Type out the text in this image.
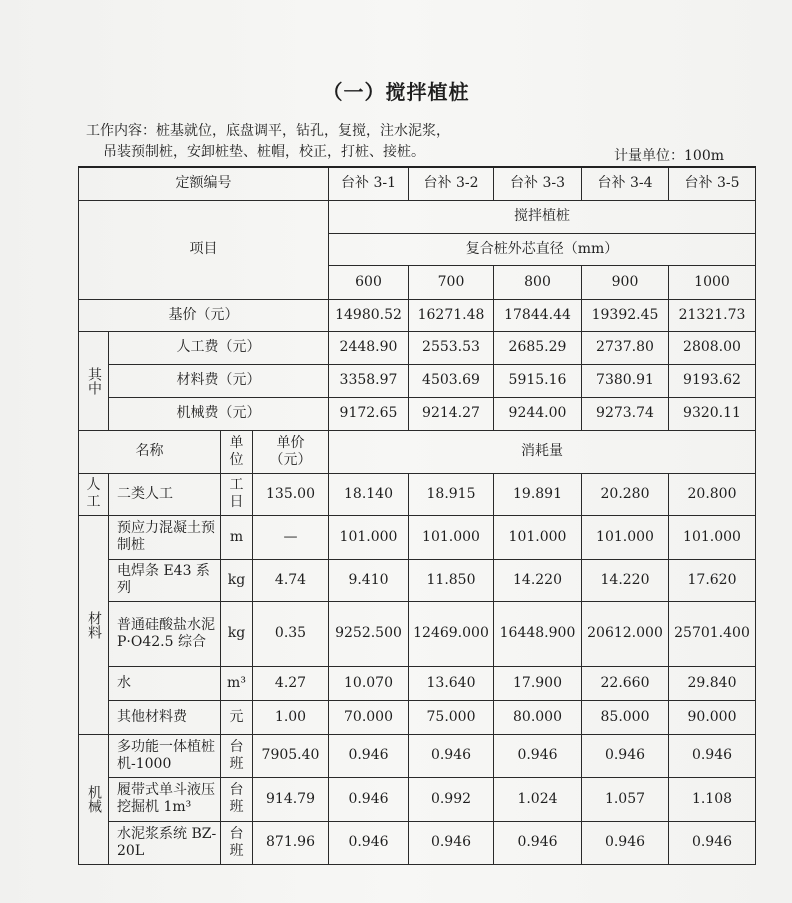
（一）搅拌植桩
工作内容：桩基就位，底盘调平，钻孔，复搅，注水泥浆，
吊装预制桩，安卸桩垫、桩帽，校正，打桩、接桩。	计量单位：100m
定额编号				台补 3-1	台补 3-2	台补 3-3	台补 3-4	台补 3-5
项目				搅拌植桩				
				复合桩外芯直径（mm）				
				600	700	800	900	1000
基价（元）				14980.52	16271.48	17844.44	19392.45	21321.73
其中	人工费（元）			2448.90	2553.53	2685.29	2737.80	2808.00
	材料费（元）			3358.97	4503.69	5915.16	7380.91	9193.62
	机械费（元）			9172.65	9214.27	9244.00	9273.74	9320.11
名称		单位	单价（元）	消耗量				
人工	二类人工	工日	135.00	18.140	18.915	19.891	20.280	20.800
材料	预应力混凝土预制桩	m	—	101.000	101.000	101.000	101.000	101.000
	电焊条 E43 系列	kg	4.74	9.410	11.850	14.220	14.220	17.620
	普通硅酸盐水泥 P·O42.5 综合	kg	0.35	9252.500	12469.000	16448.900	20612.000	25701.400
	水	m³	4.27	10.070	13.640	17.900	22.660	29.840
	其他材料费	元	1.00	70.000	75.000	80.000	85.000	90.000
机械	多功能一体植桩机-1000	台班	7905.40	0.946	0.946	0.946	0.946	0.946
	履带式单斗液压挖掘机 1m³	台班	914.79	0.946	0.992	1.024	1.057	1.108
	水泥浆系统 BZ-20L	台班	871.96	0.946	0.946	0.946	0.946	0.946
